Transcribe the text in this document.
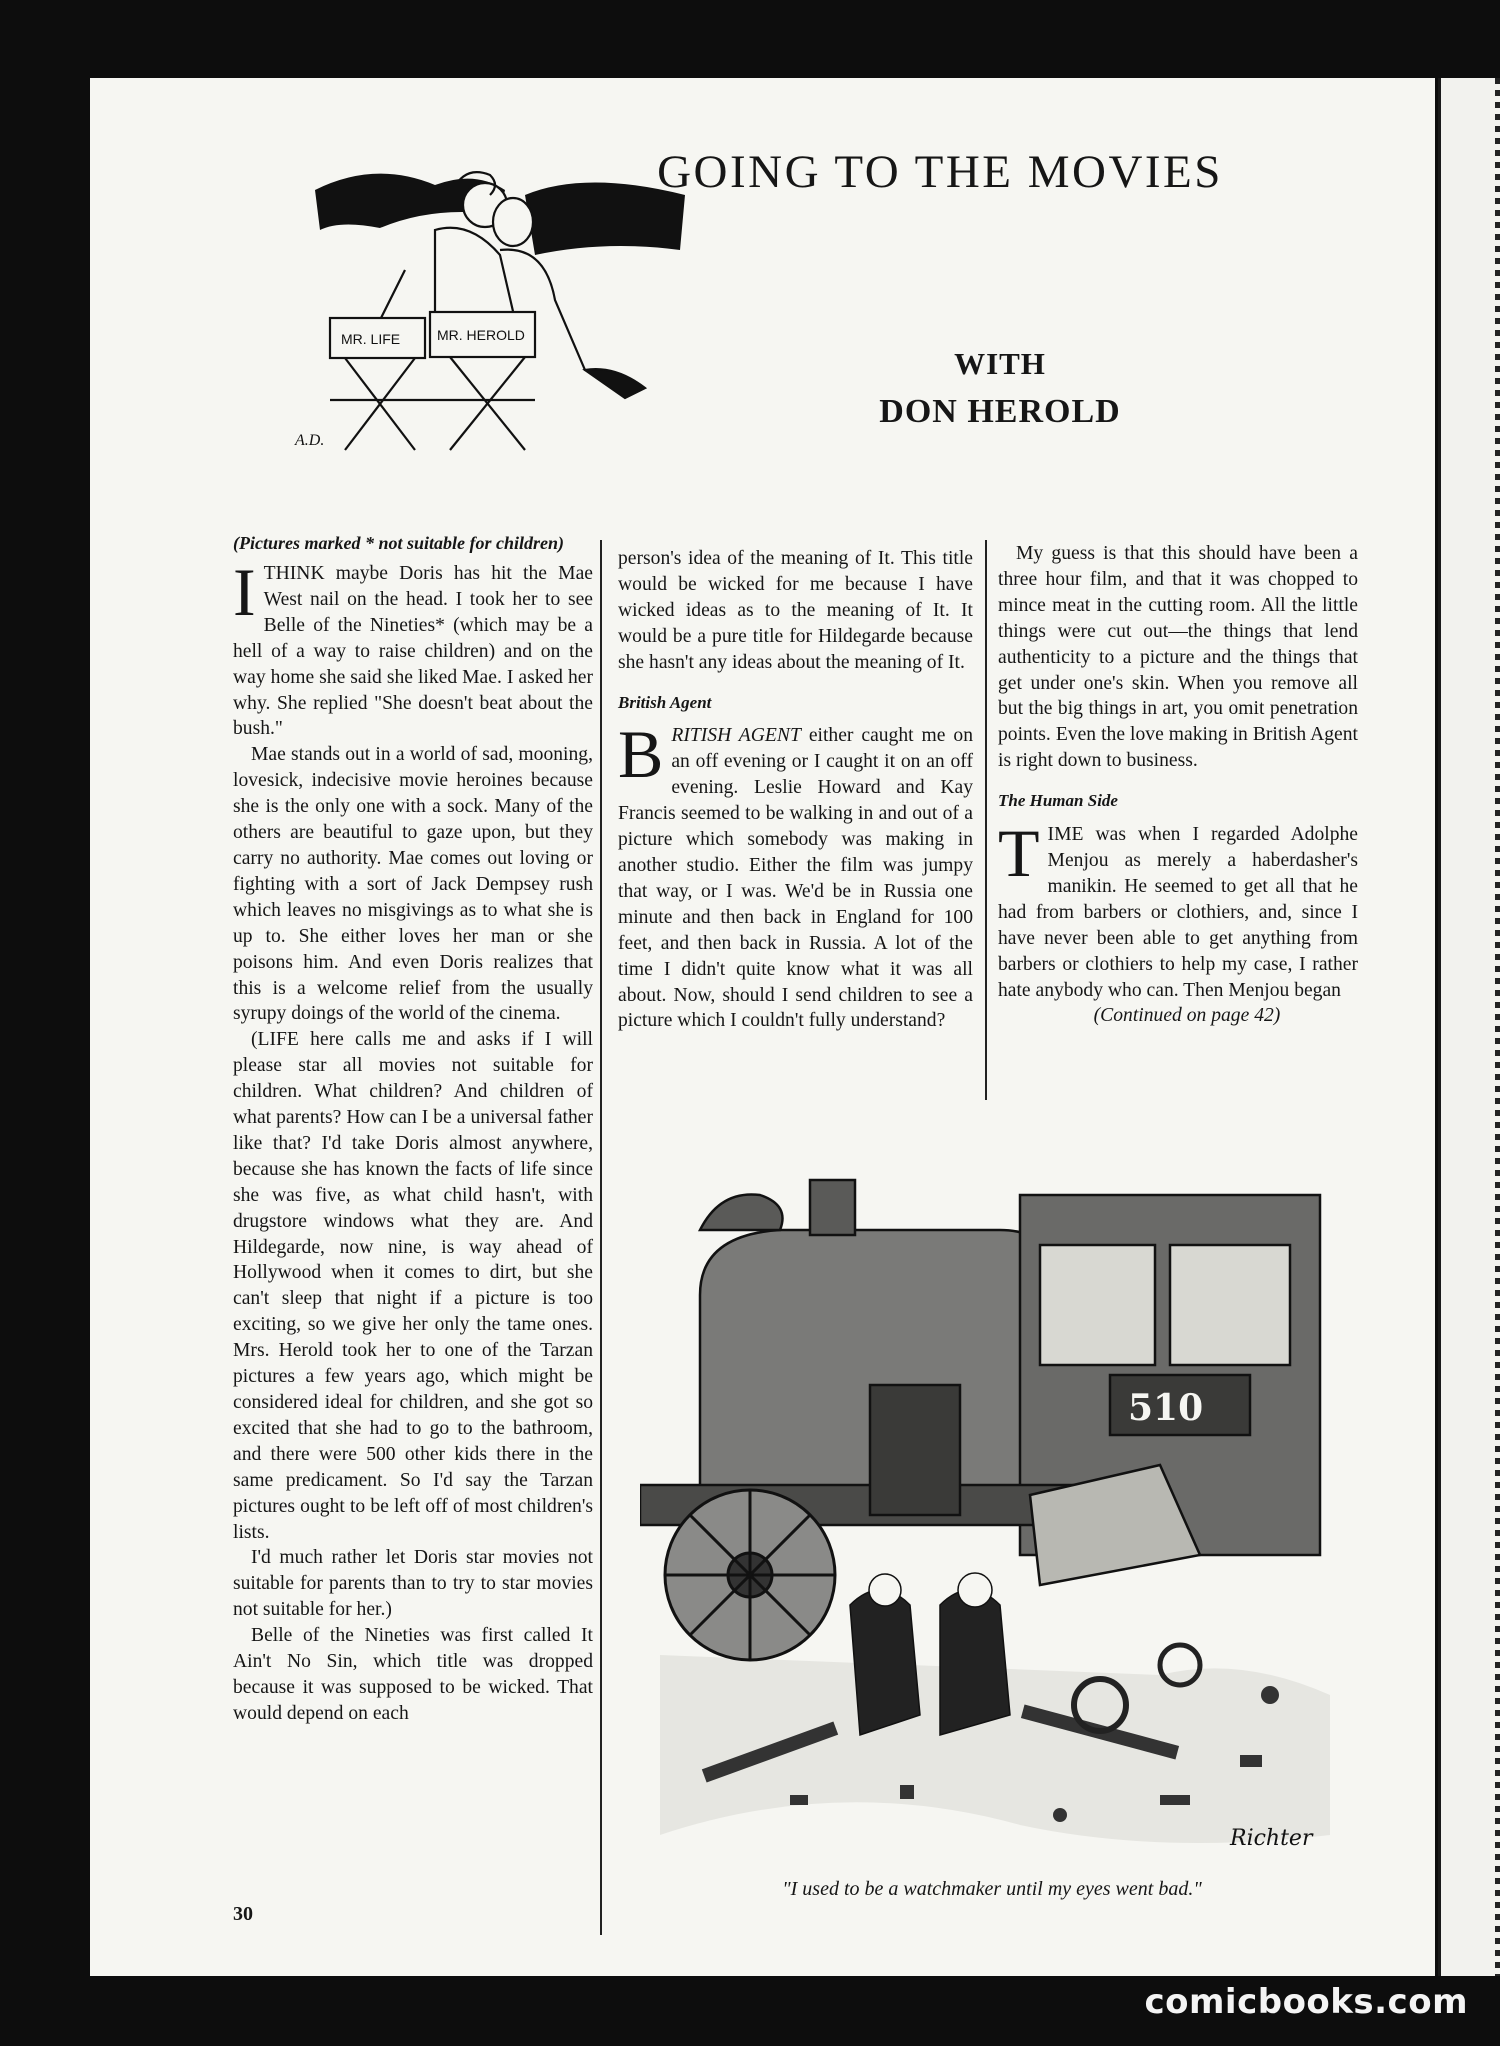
MR. LIFE	MR. HEROLD
A.D.
GOING TO THE MOVIES
WITH
DON HEROLD
(Pictures marked * not suitable for children)

ITHINK maybe Doris has hit the Mae West nail on the head. I took her to see Belle of the Nineties* (which may be a hell of a way to raise children) and on the way home she said she liked Mae. I asked her why. She replied "She doesn't beat about the bush."

Mae stands out in a world of sad, mooning, lovesick, indecisive movie heroines because she is the only one with a sock. Many of the others are beautiful to gaze upon, but they carry no authority. Mae comes out loving or fighting with a sort of Jack Dempsey rush which leaves no misgivings as to what she is up to. She either loves her man or she poisons him. And even Doris realizes that this is a welcome relief from the usually syrupy doings of the world of the cinema.

(LIFE here calls me and asks if I will please star all movies not suitable for children. What children? And children of what parents? How can I be a universal father like that? I'd take Doris almost anywhere, because she has known the facts of life since she was five, as what child hasn't, with drugstore windows what they are. And Hildegarde, now nine, is way ahead of Hollywood when it comes to dirt, but she can't sleep that night if a picture is too exciting, so we give her only the tame ones. Mrs. Herold took her to one of the Tarzan pictures a few years ago, which might be considered ideal for children, and she got so excited that she had to go to the bathroom, and there were 500 other kids there in the same predicament. So I'd say the Tarzan pictures ought to be left off of most children's lists.

I'd much rather let Doris star movies not suitable for parents than to try to star movies not suitable for her.)

Belle of the Nineties was first called It Ain't No Sin, which title was dropped because it was supposed to be wicked. That would depend on each

person's idea of the meaning of It. This title would be wicked for me because I have wicked ideas as to the meaning of It. It would be a pure title for Hildegarde because she hasn't any ideas about the meaning of It.

British Agent

BRITISH AGENT either caught me on an off evening or I caught it on an off evening. Leslie Howard and Kay Francis seemed to be walking in and out of a picture which somebody was making in another studio. Either the film was jumpy that way, or I was. We'd be in Russia one minute and then back in England for 100 feet, and then back in Russia. A lot of the time I didn't quite know what it was all about. Now, should I send children to see a picture which I couldn't fully understand?

My guess is that this should have been a three hour film, and that it was chopped to mince meat in the cutting room. All the little things were cut out—the things that lend authenticity to a picture and the things that get under one's skin. When you remove all but the big things in art, you omit penetration points. Even the love making in British Agent is right down to business.

The Human Side

TIME was when I regarded Adolphe Menjou as merely a haberdasher's manikin. He seemed to get all that he had from barbers or clothiers, and, since I have never been able to get anything from barbers or clothiers to help my case, I rather hate anybody who can. Then Menjou began

(Continued on page 42)

510
Richter
"I used to be a watchmaker until my eyes went bad."
30
comicbooks.com
